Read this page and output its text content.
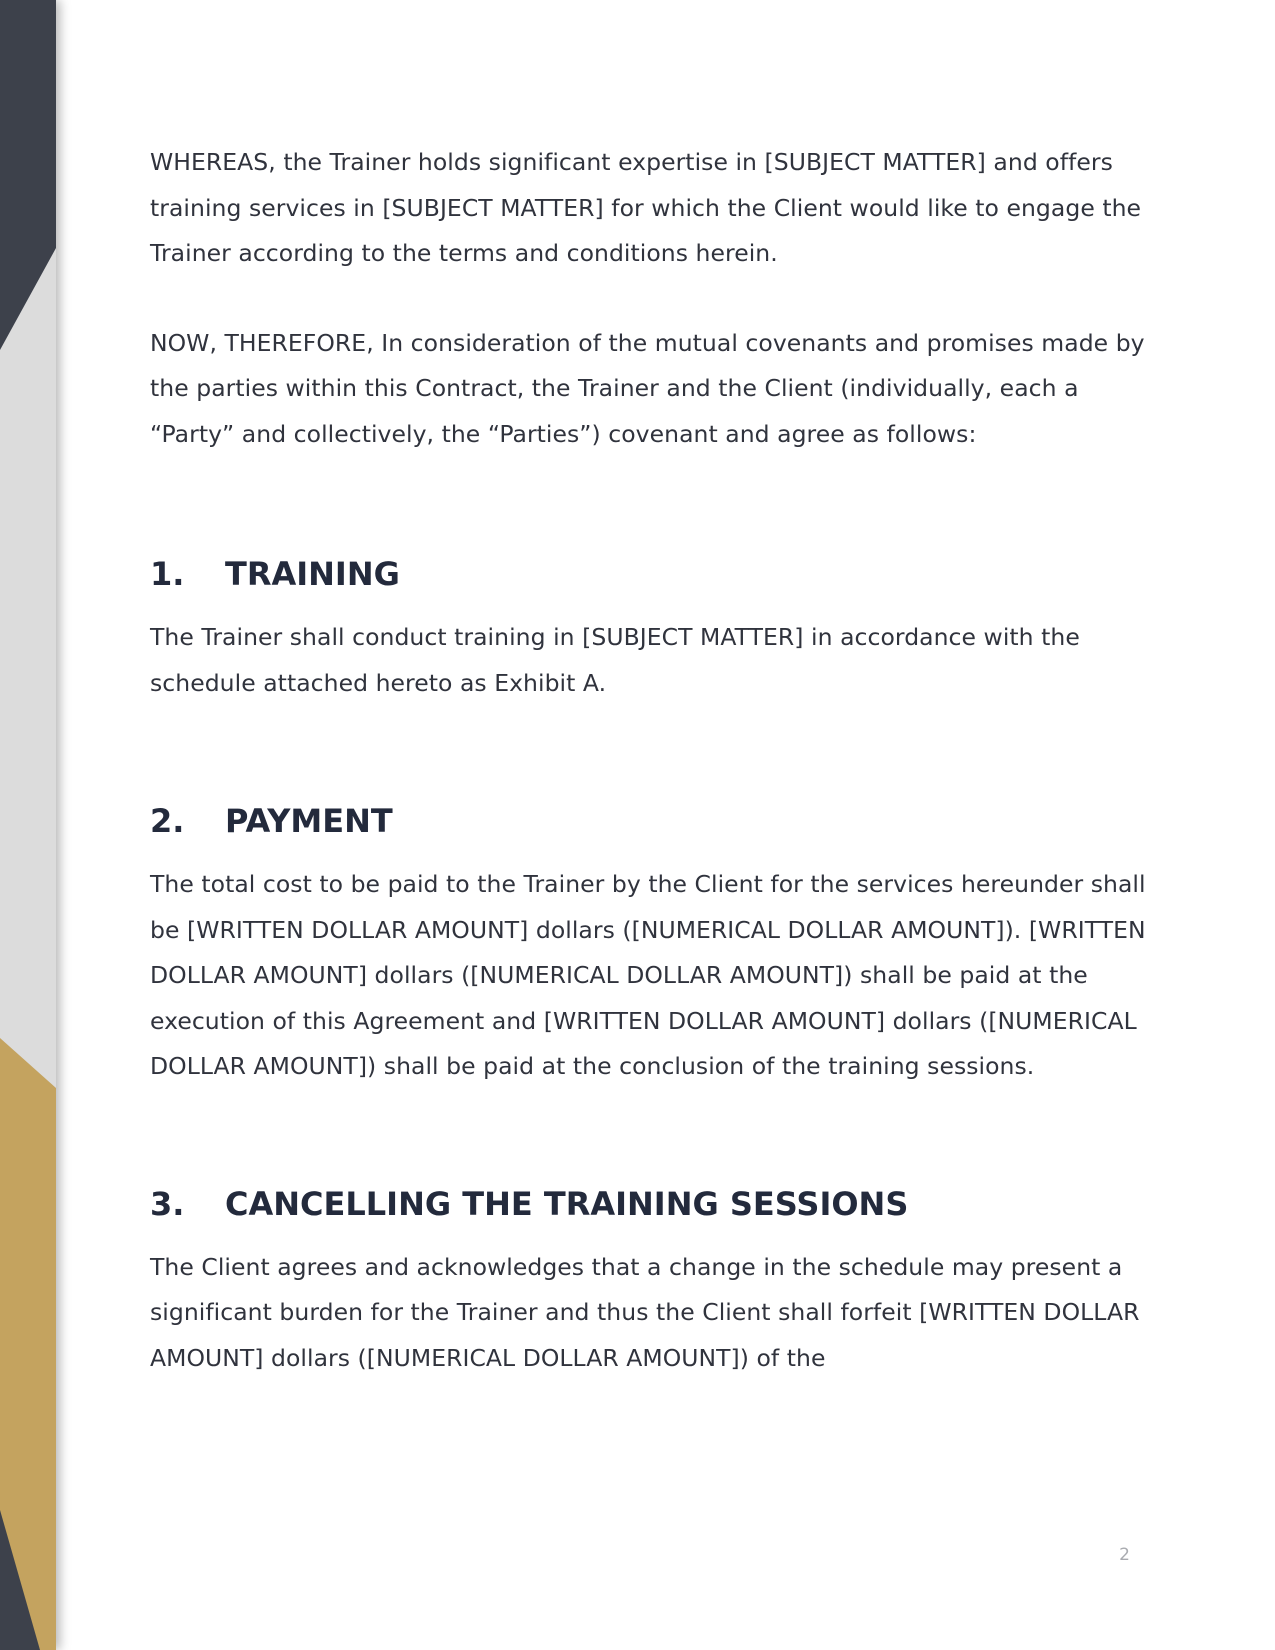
WHEREAS, the Trainer holds significant expertise in [SUBJECT MATTER] and offers training services in [SUBJECT MATTER] for which the Client would like to engage the Trainer according to the terms and conditions herein.

NOW, THEREFORE, In consideration of the mutual covenants and promises made by the parties within this Contract, the Trainer and the Client (individually, each a “Party” and collectively, the “Parties”) covenant and agree as follows:

1.	TRAINING

The Trainer shall conduct training in [SUBJECT MATTER] in accordance with the schedule attached hereto as Exhibit A.

2.	PAYMENT

The total cost to be paid to the Trainer by the Client for the services hereunder shall be [WRITTEN DOLLAR AMOUNT] dollars ([NUMERICAL DOLLAR AMOUNT]). [WRITTEN DOLLAR AMOUNT] dollars ([NUMERICAL DOLLAR AMOUNT]) shall be paid at the execution of this Agreement and [WRITTEN DOLLAR AMOUNT] dollars ([NUMERICAL DOLLAR AMOUNT]) shall be paid at the conclusion of the training sessions.

3.	CANCELLING THE TRAINING SESSIONS

The Client agrees and acknowledges that a change in the schedule may present a significant burden for the Trainer and thus the Client shall forfeit [WRITTEN DOLLAR AMOUNT] dollars ([NUMERICAL DOLLAR AMOUNT]) of the

2
